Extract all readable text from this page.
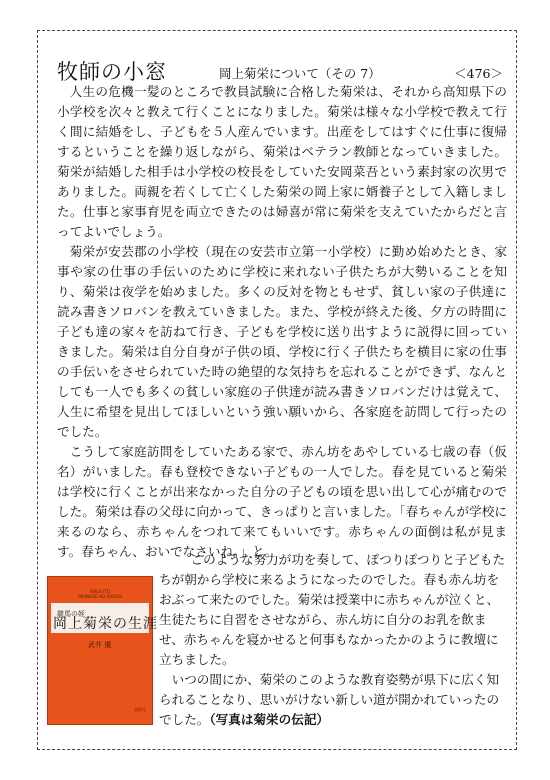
牧師の小窓	岡上菊栄について（その 7）	＜476＞

人生の危機一髪のところで教員試験に合格した菊栄は、それから高知県下の小学校を次々と教えて行くことになりました。菊栄は様々な小学校で教えて行く間に結婚をし、子どもを５人産んでいます。出産をしてはすぐに仕事に復帰するということを繰り返しながら、菊栄はベテラン教師となっていきました。菊栄が結婚した相手は小学校の校長をしていた安岡菜吾という素封家の次男でありました。両親を若くして亡くした菊栄の岡上家に婿養子として入籍しました。仕事と家事育児を両立できたのは婦喜が常に菊栄を支えていたからだと言ってよいでしょう。

菊栄が安芸郡の小学校（現在の安芸市立第一小学校）に勤め始めたとき、家事や家の仕事の手伝いのために学校に来れない子供たちが大勢いることを知り、菊栄は夜学を始めました。多くの反対を物ともせず、貧しい家の子供達に読み書きソロバンを教えていきました。また、学校が終えた後、夕方の時間に子ども達の家々を訪ねて行き、子どもを学校に送り出すように説得に回っていきました。菊栄は自分自身が子供の頃、学校に行く子供たちを横目に家の仕事の手伝いをさせられていた時の絶望的な気持ちを忘れることができず、なんとしても一人でも多くの貧しい家庭の子供達が読み書きソロバンだけは覚えて、人生に希望を見出してほしいという強い願いから、各家庭を訪問して行ったのでした。

こうして家庭訪問をしていたある家で、赤ん坊をあやしている七歳の春（仮名）がいました。春も登校できない子どもの一人でした。春を見ていると菊栄は学校に行くことが出来なかった自分の子どもの頃を思い出して心が痛むのでした。菊栄は春の父母に向かって、きっぱりと言いました。「春ちゃんが学校に来るのなら、赤ちゃんをつれて来てもいいです。赤ちゃんの面倒は私が見ます。春ちゃん、おいでなさいね。」と。

KIKUE ITO
OKANOUE NO SHOGAI
龍馬の姪
岡上菊栄の生涯
武井 優
鳥影社

このような努力が功を奏して、ぽつりぽつりと子どもたちが朝から学校に来るようになったのでした。春も赤ん坊をおぶって来たのでした。菊栄は授業中に赤ちゃんが泣くと、生徒たちに自習をさせながら、赤ん坊に自分のお乳を飲ませ、赤ちゃんを寝かせると何事もなかったかのように教壇に立ちました。

いつの間にか、菊栄のこのような教育姿勢が県下に広く知られることなり、思いがけない新しい道が開かれていったのでした。（写真は菊栄の伝記）
